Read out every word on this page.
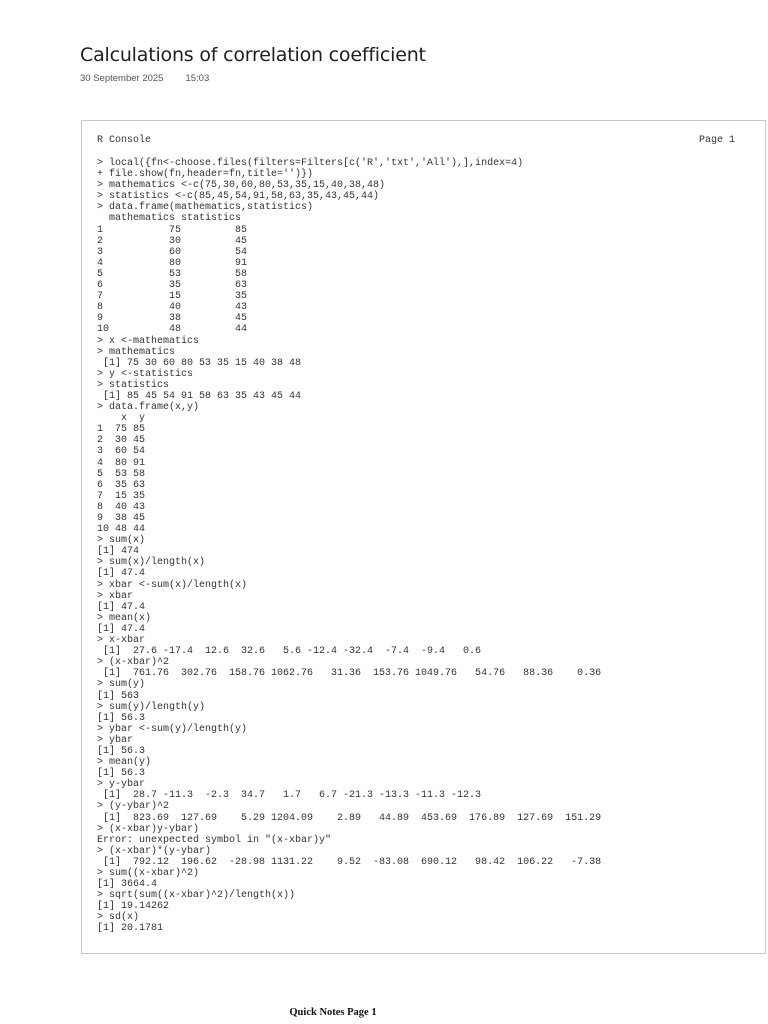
Calculations of correlation coefficient
30 September 2025 15:03
R Console	Page 1
> local({fn<-choose.files(filters=Filters[c('R','txt','All'),],index=4)
+ file.show(fn,header=fn,title='')})
> mathematics <-c(75,30,60,80,53,35,15,40,38,48)
> statistics <-c(85,45,54,91,58,63,35,43,45,44)
> data.frame(mathematics,statistics)
mathematics statistics
1           75         85
2           30         45
3           60         54
4           80         91
5           53         58
6           35         63
7           15         35
8           40         43
9           38         45
10          48         44
> x <-mathematics
> mathematics
[1] 75 30 60 80 53 35 15 40 38 48
> y <-statistics
> statistics
[1] 85 45 54 91 58 63 35 43 45 44
> data.frame(x,y)
x  y
1  75 85
2  30 45
3  60 54
4  80 91
5  53 58
6  35 63
7  15 35
8  40 43
9  38 45
10 48 44
> sum(x)
[1] 474
> sum(x)/length(x)
[1] 47.4
> xbar <-sum(x)/length(x)
> xbar
[1] 47.4
> mean(x)
[1] 47.4
> x-xbar
[1]  27.6 -17.4  12.6  32.6   5.6 -12.4 -32.4  -7.4  -9.4   0.6
> (x-xbar)^2
[1]  761.76  302.76  158.76 1062.76   31.36  153.76 1049.76   54.76   88.36    0.36
> sum(y)
[1] 563
> sum(y)/length(y)
[1] 56.3
> ybar <-sum(y)/length(y)
> ybar
[1] 56.3
> mean(y)
[1] 56.3
> y-ybar
[1]  28.7 -11.3  -2.3  34.7   1.7   6.7 -21.3 -13.3 -11.3 -12.3
> (y-ybar)^2
[1]  823.69  127.69    5.29 1204.09    2.89   44.89  453.69  176.89  127.69  151.29
> (x-xbar)y-ybar)
Error: unexpected symbol in "(x-xbar)y"
> (x-xbar)*(y-ybar)
[1]  792.12  196.62  -28.98 1131.22    9.52  -83.08  690.12   98.42  106.22   -7.38
> sum((x-xbar)^2)
[1] 3664.4
> sqrt(sum((x-xbar)^2)/length(x))
[1] 19.14262
> sd(x)
[1] 20.1781
Quick Notes Page 1
